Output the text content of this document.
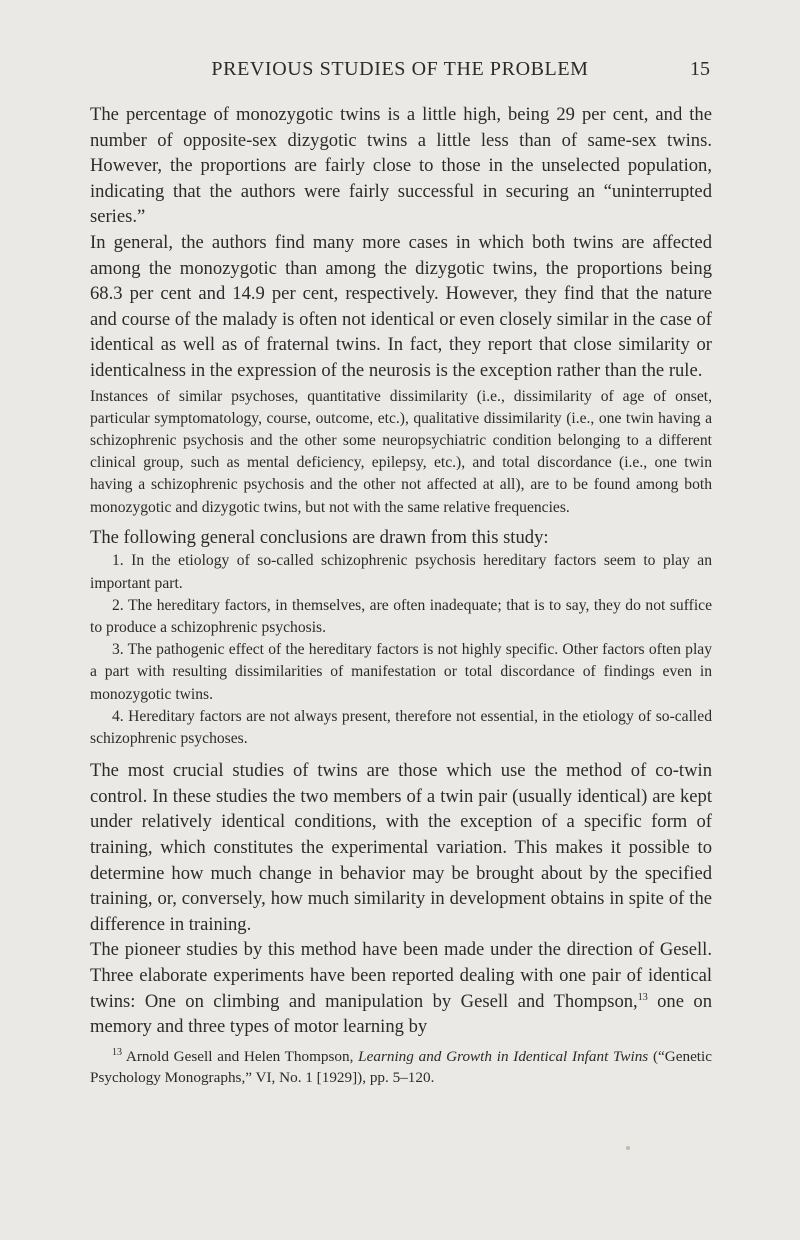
PREVIOUS STUDIES OF THE PROBLEM	15

The percentage of monozygotic twins is a little high, being 29 per cent, and the number of opposite-sex dizygotic twins a little less than of same-sex twins. However, the proportions are fairly close to those in the unselected population, indicating that the authors were fairly successful in securing an “uninterrupted series.”

In general, the authors find many more cases in which both twins are affected among the monozygotic than among the dizygotic twins, the proportions being 68.3 per cent and 14.9 per cent, respectively. However, they find that the nature and course of the malady is often not identical or even closely similar in the case of identical as well as of fraternal twins. In fact, they report that close similarity or identicalness in the expression of the neurosis is the exception rather than the rule.

Instances of similar psychoses, quantitative dissimilarity (i.e., dissimilarity of age of onset, particular symptomatology, course, outcome, etc.), qualitative dissimilarity (i.e., one twin having a schizophrenic psychosis and the other some neuropsychiatric condition belonging to a different clinical group, such as mental deficiency, epilepsy, etc.), and total discordance (i.e., one twin having a schizophrenic psychosis and the other not affected at all), are to be found among both monozygotic and dizygotic twins, but not with the same relative frequencies.

The following general conclusions are drawn from this study:

1. In the etiology of so-called schizophrenic psychosis hereditary factors seem to play an important part.

2. The hereditary factors, in themselves, are often inadequate; that is to say, they do not suffice to produce a schizophrenic psychosis.

3. The pathogenic effect of the hereditary factors is not highly specific. Other factors often play a part with resulting dissimilarities of manifestation or total discordance of findings even in monozygotic twins.

4. Hereditary factors are not always present, therefore not essential, in the etiology of so-called schizophrenic psychoses.

The most crucial studies of twins are those which use the method of co-twin control. In these studies the two members of a twin pair (usually identical) are kept under relatively identical conditions, with the exception of a specific form of training, which constitutes the experimental variation. This makes it possible to determine how much change in behavior may be brought about by the specified training, or, conversely, how much similarity in development obtains in spite of the difference in training.

The pioneer studies by this method have been made under the direction of Gesell. Three elaborate experiments have been reported dealing with one pair of identical twins: One on climbing and manipulation by Gesell and Thompson,$^{13}$ one on memory and three types of motor learning by

$^{13}$ Arnold Gesell and Helen Thompson, Learning and Growth in Identical Infant Twins (“Genetic Psychology Monographs,” VI, No. 1 [1929]), pp. 5–120.
